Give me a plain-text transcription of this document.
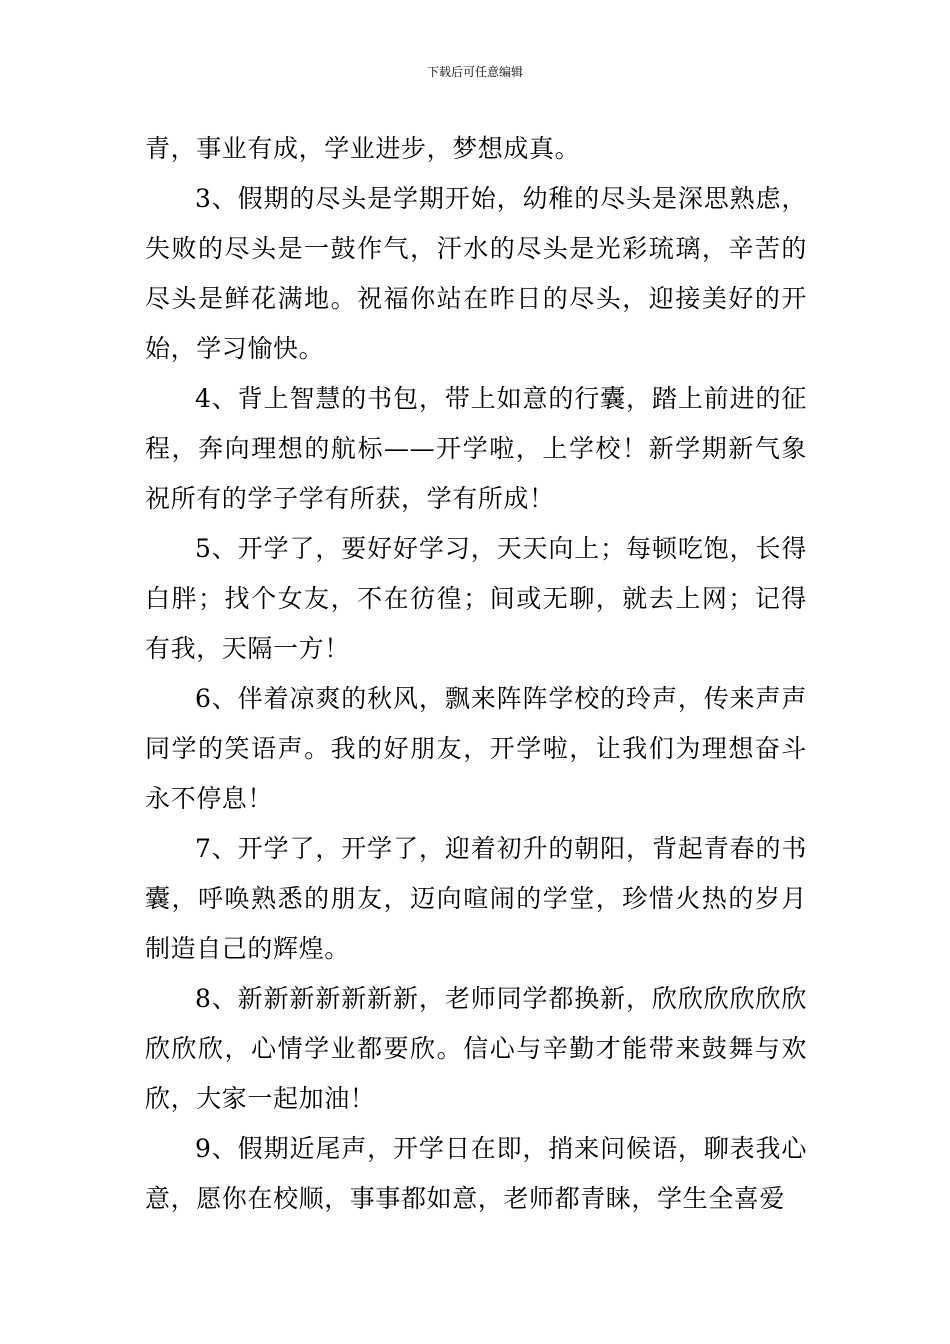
下载后可任意编辑

青，事业有成，学业进步，梦想成真。

3、假期的尽头是学期开始，幼稚的尽头是深思熟虑，失败的尽头是一鼓作气，汗水的尽头是光彩琉璃，辛苦的尽头是鲜花满地。祝福你站在昨日的尽头，迎接美好的开始，学习愉快。

4、背上智慧的书包，带上如意的行囊，踏上前进的征程，奔向理想的航标——开学啦，上学校！新学期新气象祝所有的学子学有所获，学有所成！

5、开学了，要好好学习，天天向上；每顿吃饱，长得白胖；找个女友，不在彷徨；间或无聊，就去上网；记得有我，天隔一方！

6、伴着凉爽的秋风，飘来阵阵学校的玲声，传来声声同学的笑语声。我的好朋友，开学啦，让我们为理想奋斗永不停息！

7、开学了，开学了，迎着初升的朝阳，背起青春的书囊，呼唤熟悉的朋友，迈向喧闹的学堂，珍惜火热的岁月制造自己的辉煌。

8、新新新新新新新，老师同学都换新，欣欣欣欣欣欣欣欣欣，心情学业都要欣。信心与辛勤才能带来鼓舞与欢欣，大家一起加油！

9、假期近尾声，开学日在即，捎来问候语，聊表我心意，愿你在校顺，事事都如意，老师都青睐，学生全喜爱
